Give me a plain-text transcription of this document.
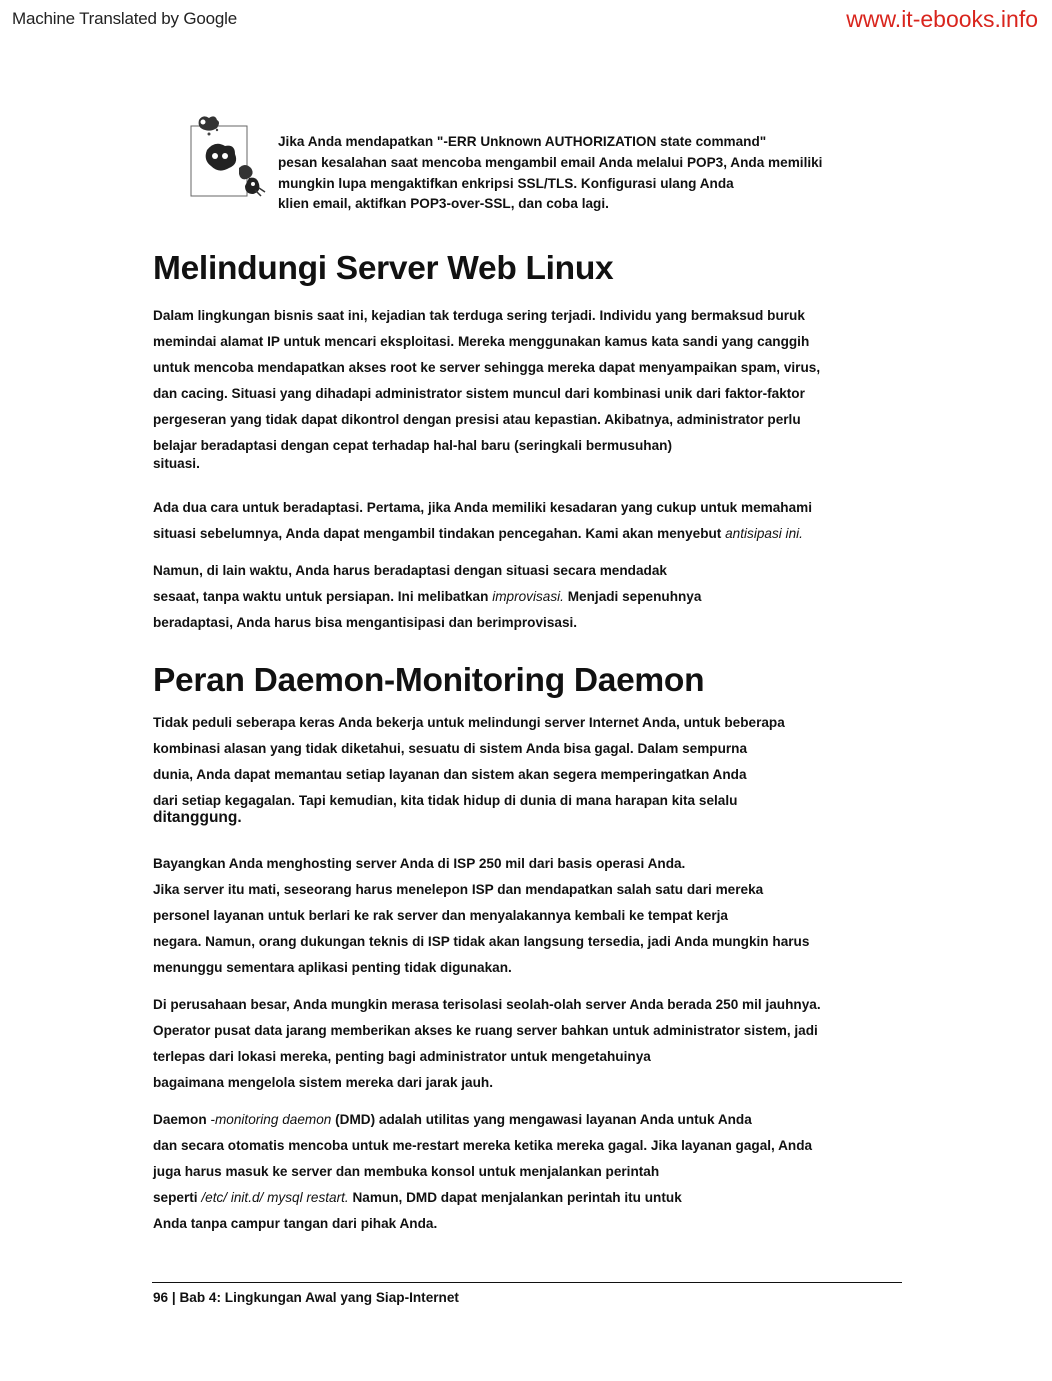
Machine Translated by Google	www.it-ebooks.info
Jika Anda mendapatkan "-ERR Unknown AUTHORIZATION state command"
pesan kesalahan saat mencoba mengambil email Anda melalui POP3, Anda memiliki
mungkin lupa mengaktifkan enkripsi SSL/TLS. Konfigurasi ulang Anda
klien email, aktifkan POP3-over-SSL, dan coba lagi.
Melindungi Server Web Linux
Dalam lingkungan bisnis saat ini, kejadian tak terduga sering terjadi. Individu yang bermaksud buruk
memindai alamat IP untuk mencari eksploitasi. Mereka menggunakan kamus kata sandi yang canggih
untuk mencoba mendapatkan akses root ke server sehingga mereka dapat menyampaikan spam, virus,
dan cacing. Situasi yang dihadapi administrator sistem muncul dari kombinasi unik dari faktor-faktor
pergeseran yang tidak dapat dikontrol dengan presisi atau kepastian. Akibatnya, administrator perlu
belajar beradaptasi dengan cepat terhadap hal-hal baru (seringkali bermusuhan)
situasi.
Ada dua cara untuk beradaptasi. Pertama, jika Anda memiliki kesadaran yang cukup untuk memahami
situasi sebelumnya, Anda dapat mengambil tindakan pencegahan. Kami akan menyebut antisipasi ini.
Namun, di lain waktu, Anda harus beradaptasi dengan situasi secara mendadak
sesaat, tanpa waktu untuk persiapan. Ini melibatkan improvisasi. Menjadi sepenuhnya
beradaptasi, Anda harus bisa mengantisipasi dan berimprovisasi.
Peran Daemon-Monitoring Daemon
Tidak peduli seberapa keras Anda bekerja untuk melindungi server Internet Anda, untuk beberapa
kombinasi alasan yang tidak diketahui, sesuatu di sistem Anda bisa gagal. Dalam sempurna
dunia, Anda dapat memantau setiap layanan dan sistem akan segera memperingatkan Anda
dari setiap kegagalan. Tapi kemudian, kita tidak hidup di dunia di mana harapan kita selalu
ditanggung.
Bayangkan Anda menghosting server Anda di ISP 250 mil dari basis operasi Anda.
Jika server itu mati, seseorang harus menelepon ISP dan mendapatkan salah satu dari mereka
personel layanan untuk berlari ke rak server dan menyalakannya kembali ke tempat kerja
negara. Namun, orang dukungan teknis di ISP tidak akan langsung tersedia, jadi Anda mungkin harus
menunggu sementara aplikasi penting tidak digunakan.
Di perusahaan besar, Anda mungkin merasa terisolasi seolah-olah server Anda berada 250 mil jauhnya.
Operator pusat data jarang memberikan akses ke ruang server bahkan untuk administrator sistem, jadi
terlepas dari lokasi mereka, penting bagi administrator untuk mengetahuinya
bagaimana mengelola sistem mereka dari jarak jauh.
Daemon -monitoring daemon (DMD) adalah utilitas yang mengawasi layanan Anda untuk Anda
dan secara otomatis mencoba untuk me-restart mereka ketika mereka gagal. Jika layanan gagal, Anda
juga harus masuk ke server dan membuka konsol untuk menjalankan perintah
seperti /etc/ init.d/ mysql restart. Namun, DMD dapat menjalankan perintah itu untuk
Anda tanpa campur tangan dari pihak Anda.
96 | Bab 4: Lingkungan Awal yang Siap-Internet
